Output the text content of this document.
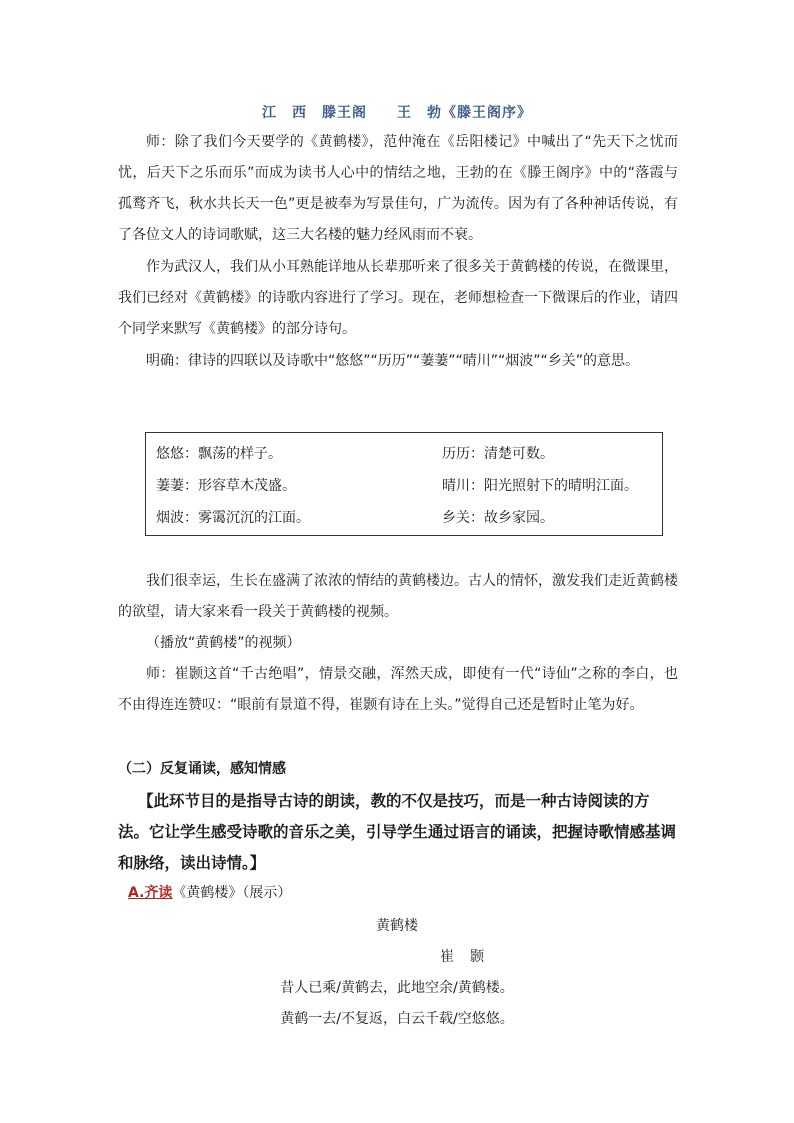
江　西　滕王阁　　王　勃《滕王阁序》

师：除了我们今天要学的《黄鹤楼》，范仲淹在《岳阳楼记》中喊出了“先天下之忧而忧，后天下之乐而乐”而成为读书人心中的情结之地，王勃的在《滕王阁序》中的“落霞与孤鹜齐飞，秋水共长天一色”更是被奉为写景佳句，广为流传。因为有了各种神话传说，有了各位文人的诗词歌赋，这三大名楼的魅力经风雨而不衰。

作为武汉人，我们从小耳熟能详地从长辈那听来了很多关于黄鹤楼的传说，在微课里，我们已经对《黄鹤楼》的诗歌内容进行了学习。现在，老师想检查一下微课后的作业，请四个同学来默写《黄鹤楼》的部分诗句。

明确：律诗的四联以及诗歌中“悠悠”“历历”“萋萋”“晴川”“烟波”“乡关”的意思。

悠悠：飘荡的样子。	历历：清楚可数。
萋萋：形容草木茂盛。	晴川：阳光照射下的晴明江面。
烟波：雾霭沉沉的江面。	乡关：故乡家园。

我们很幸运，生长在盛满了浓浓的情结的黄鹤楼边。古人的情怀，激发我们走近黄鹤楼的欲望，请大家来看一段关于黄鹤楼的视频。

（播放“黄鹤楼”的视频）

师：崔颢这首“千古绝唱”，情景交融，浑然天成，即使有一代“诗仙”之称的李白，也不由得连连赞叹：“眼前有景道不得，崔颢有诗在上头。”觉得自己还是暂时止笔为好。

（二）反复诵读，感知情感

【此环节目的是指导古诗的朗读，教的不仅是技巧，而是一种古诗阅读的方法。它让学生感受诗歌的音乐之美，引导学生通过语言的诵读，把握诗歌情感基调和脉络，读出诗情。】

A.齐读《黄鹤楼》（展示）
黄鹤楼
崔颢
昔人已乘/黄鹤去，此地空余/黄鹤楼。
黄鹤一去/不复返，白云千载/空悠悠。
